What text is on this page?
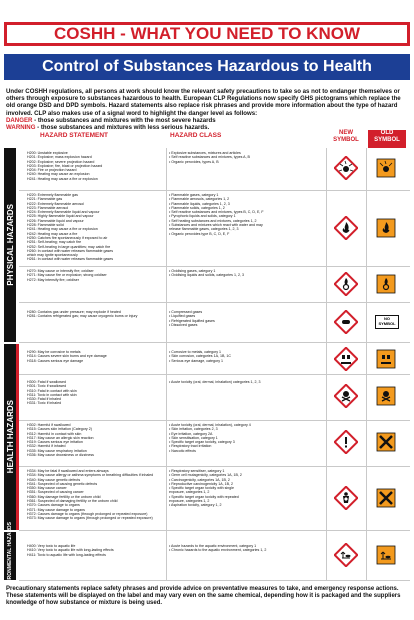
COSHH - WHAT YOU NEED TO KNOW
Control of Substances Hazardous to Health
Under COSHH regulations, all persons at work should know the relevant safety precautions to take so as not to endanger themselves or others through exposure to substances hazardous to health. European CLP Regulations now specify GHS pictograms which replace the old orange DSD and DPD symbols. Hazard statements also replace risk phrases and provide more information about the type of hazard involved. CLP also makes use of a signal word to highlight the danger level as follows:
DANGER - those substances and mixtures with the most severe hazards
WARNING - those substances and mixtures with less serious hazards.
HAZARD STATEMENT	HAZARD CLASS	NEW
SYMBOL
OLD
SYMBOL
PHYSICAL HAZARDS
HEALTH HAZARDS
ENVIRONMENTAL HAZARDS
H200: Unstable explosive
H201: Explosive; mass explosion hazard
H202: Explosive; severe projection hazard
H203: Explosive; fire, blast or projection hazard
H204: Fire or projection hazard
H240: Heating may cause an explosion
H241: Heating may cause a fire or explosion
• Explosive substances, mixtures and articles
• Self reactive substances and mixtures, types A, B
• Organic peroxides, types A, B
H220: Extremely flammable gas
H221: Flammable gas
H222: Extremely flammable aerosol
H223: Flammable aerosol
H224: Extremely flammable liquid and vapour
H225: Highly flammable liquid and vapour
H226: Flammable liquid and vapour
H228: Flammable solid
H241: Heating may cause a fire or explosion
H242: Heating may cause a fire
H250: Catches fire spontaneously if exposed to air
H251: Self-heating; may catch fire
H252: Self-heating in large quantities; may catch fire
H260: In contact with water releases flammable gases
which may ignite spontaneously
H261: In contact with water releases flammable gases
• Flammable gases, category 1
• Flammable aerosols, categories 1, 2
• Flammable liquids, categories 1, 2, 3
• Flammable solids, categories 1, 2
• Self reactive substances and mixtures, types B, C, D, E, F
• Pyrophoric liquids and solids, category 1
• Self heating substances and mixtures, categories 1, 2
• Substances and mixtures which react with water and may
release flammable gases, categories 1, 2, 3
• Organic peroxides type B, C, D, E, F
H270: May cause or intensify fire; oxidiser
H271: May cause fire or explosion; strong oxidiser
H272: May intensify fire; oxidiser
• Oxidising gases, category 1
• Oxidising liquids and solids, categories 1, 2, 3
H280: Contains gas under pressure; may explode if heated
H281: Contains refrigerated gas; may cause cryogenic burns or injury
• Compressed gases
• Liquified gases
• Refrigerated liquified gases
• Dissolved gases
NO
SYMBOL
H290: May be corrosive to metals
H314: Causes severe skin burns and eye damage
H318: Causes serious eye damage
• Corrosive to metals, category 1
• Skin corrosion, categories 1A, 1B, 1C
• Serious eye damage, category 1
H300: Fatal if swallowed
H301: Toxic if swallowed
H310: Fatal in contact with skin
H311: Toxic in contact with skin
H330: Fatal if inhaled
H331: Toxic if inhaled
• Acute toxicity (oral, dermal, inhalation) categories 1, 2, 3
H302: Harmful if swallowed
H315: Causes skin irritation (Category 2)
H312: Harmful in contact with skin
H317: May cause an allergic skin reaction
H319: Causes serious eye irritation
H332: Harmful if inhaled
H335: May cause respiratory irritation
H336: May cause drowsiness or dizziness
• Acute toxicity (oral, dermal, inhalation), category 4
• Skin irritation, categories 2, 3
• Eye irritation, category 2A
• Skin sensitisation, category 1
• Specific target organ toxicity, category 3
• Respiratory tract irritation
• Narcotic effects
H334: May be fatal if swallowed and enters airways
H334: May cause allergy or asthma symptoms or breathing difficulties if inhaled
H340: May cause genetic defects
H341: Suspected of causing genetic defects
H350: May cause cancer
H351: Suspected of causing cancer
H360: May damage fertility or the unborn child
H361: Suspected of damaging fertility or the unborn child
H370: Causes damage to organs
H371: May cause damage to organs
H372: Causes damage to organs (through prolonged or repeated exposure)
H373: May cause damage to organs (through prolonged or repeated exposure)
• Respiratory sensitiser, category 1
• Germ cell mutagenicity, categories 1A, 1B, 2
• Carcinogenicity, categories 1A, 1B, 2
• Reproductive carcinogenicity 1A, 1B, 2
• Specific target organ toxicity with single
exposure, categories 1, 2
• Specific target organ toxicity with repeated
exposure, categories 1, 2
• Aspiration toxicity, category 1, 2
H400: Very toxic to aquatic life
H410: Very toxic to aquatic life with long-lasting effects
H411: Toxic to aquatic life with long-lasting effects
• Acute hazards to the aquatic environment, category 1
• Chronic hazards to the aquatic environment, categories 1, 2
Precautionary statements replace safety phrases and provide advice on preventative measures to take, and emergency response actions. These statements will be displayed on the label and may vary even on the same chemical, depending how it is packaged and the suppliers knowledge of how substance or mixture is being used.
